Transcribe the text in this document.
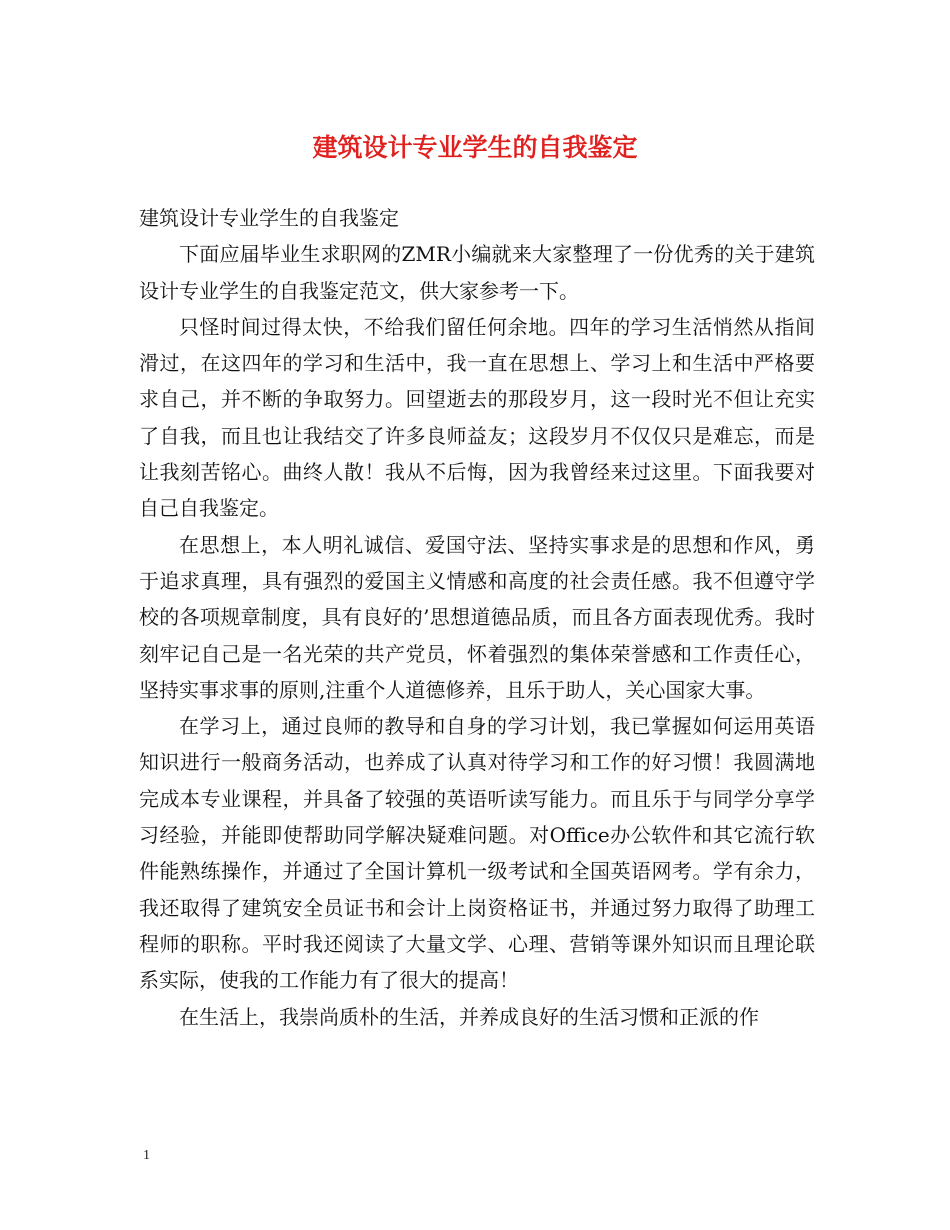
建筑设计专业学生的自我鉴定

建筑设计专业学生的自我鉴定

下面应届毕业生求职网的ZMR小编就来大家整理了一份优秀的关于建筑设计专业学生的自我鉴定范文，供大家参考一下。

只怪时间过得太快，不给我们留任何余地。四年的学习生活悄然从指间滑过，在这四年的学习和生活中，我一直在思想上、学习上和生活中严格要求自己，并不断的争取努力。回望逝去的那段岁月，这一段时光不但让充实了自我，而且也让我结交了许多良师益友；这段岁月不仅仅只是难忘，而是让我刻苦铭心。曲终人散！我从不后悔，因为我曾经来过这里。下面我要对自己自我鉴定。

在思想上，本人明礼诚信、爱国守法、坚持实事求是的思想和作风，勇于追求真理，具有强烈的爱国主义情感和高度的社会责任感。我不但遵守学校的各项规章制度，具有良好的’思想道德品质，而且各方面表现优秀。我时刻牢记自己是一名光荣的共产党员，怀着强烈的集体荣誉感和工作责任心，坚持实事求事的原则,注重个人道德修养，且乐于助人，关心国家大事。

在学习上，通过良师的教导和自身的学习计划，我已掌握如何运用英语知识进行一般商务活动，也养成了认真对待学习和工作的好习惯！我圆满地完成本专业课程，并具备了较强的英语听读写能力。而且乐于与同学分享学习经验，并能即使帮助同学解决疑难问题。对Office办公软件和其它流行软件能熟练操作，并通过了全国计算机一级考试和全国英语网考。学有余力，我还取得了建筑安全员证书和会计上岗资格证书，并通过努力取得了助理工程师的职称。平时我还阅读了大量文学、心理、营销等课外知识而且理论联系实际，使我的工作能力有了很大的提高！

在生活上，我崇尚质朴的生活，并养成良好的生活习惯和正派的作

1
